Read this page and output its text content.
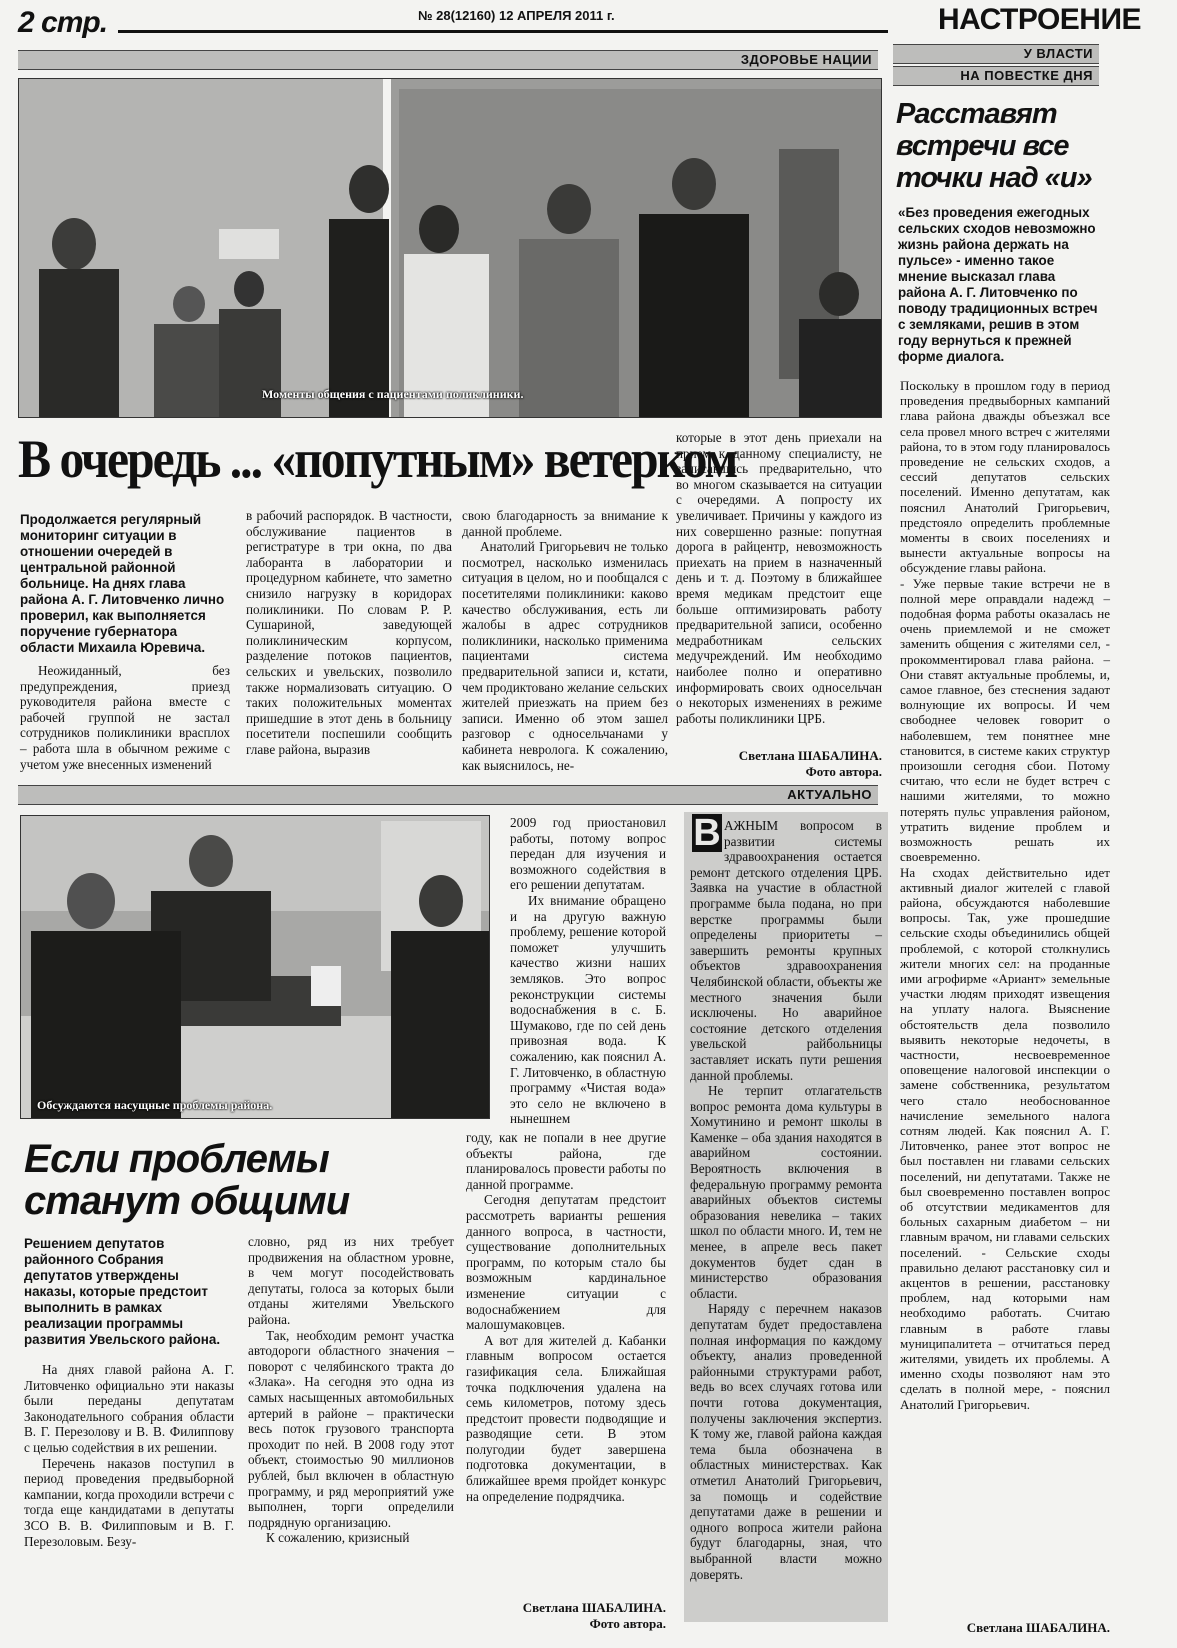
2 стр.	№ 28(12160) 12 АПРЕЛЯ 2011 г.	НАСТРОЕНИЕ
ЗДОРОВЬЕ НАЦИИ
Моменты общения с пациентами поликлиники.
В очередь ... «попутным» ветерком
Продолжается регулярный мониторинг ситуации в отношении очередей в центральной районной больнице. На днях глава района А. Г. Литовченко лично проверил, как выполняется поручение губернатора области Михаила Юревича.

Неожиданный, без предупреждения, приезд руководителя района вместе с рабочей группой не застал сотрудников поликлиники врасплох – работа шла в обычном режиме с учетом уже внесенных изменений

в рабочий распорядок. В частности, обслуживание пациентов в регистратуре в три окна, по два лаборанта в лаборатории и процедурном кабинете, что заметно снизило нагрузку в коридорах поликлиники. По словам Р. Р. Сушариной, заведующей поликлиническим корпусом, разделение потоков пациентов, сельских и увельских, позволило также нормализовать ситуацию. О таких положительных моментах пришедшие в этот день в больницу посетители поспешили сообщить главе района, выразив

свою благодарность за внимание к данной проблеме.

Анатолий Григорьевич не только посмотрел, насколько изменилась ситуация в целом, но и пообщался с посетителями поликлиники: каково качество обслуживания, есть ли жалобы в адрес сотрудников поликлиники, насколько применима пациентами система предварительной записи и, кстати, чем продиктовано желание сельских жителей приезжать на прием без записи. Именно об этом зашел разговор с односельчанами у кабинета невролога. К сожалению, как выяснилось, не-

которые в этот день приехали на прием к данному специалисту, не записавшись предварительно, что во многом сказывается на ситуации с очередями. А попросту их увеличивает. Причины у каждого из них совершенно разные: попутная дорога в райцентр, невозможность приехать на прием в назначенный день и т. д. Поэтому в ближайшее время медикам предстоит еще больше оптимизировать работу предварительной записи, особенно медработникам сельских медучреждений. Им необходимо наиболее полно и оперативно информировать своих односельчан о некоторых изменениях в режиме работы поликлиники ЦРБ.

Светлана ШАБАЛИНА.
Фото автора.
У ВЛАСТИ
НА ПОВЕСТКЕ ДНЯ
Расставят встречи все точки над «и»
«Без проведения ежегодных сельских сходов невозможно жизнь района держать на пульсе» - именно такое мнение высказал глава района А. Г. Литовченко по поводу традиционных встреч с земляками, решив в этом году вернуться к прежней форме диалога.

Поскольку в прошлом году в период проведения предвыборных кампаний глава района дважды объезжал все села провел много встреч с жителями района, то в этом году планировалось проведение не сельских сходов, а сессий депутатов сельских поселений. Именно депутатам, как пояснил Анатолий Григорьевич, предстояло определить проблемные моменты в своих поселениях и вынести актуальные вопросы на обсуждение главы района.

- Уже первые такие встречи не в полной мере оправдали надежд – подобная форма работы оказалась не очень приемлемой и не сможет заменить общения с жителями сел, - прокомментировал глава района. – Они ставят актуальные проблемы, и, самое главное, без стеснения задают волнующие их вопросы. И чем свободнее человек говорит о наболевшем, тем понятнее мне становится, в системе каких структур произошли сегодня сбои. Потому считаю, что если не будет встреч с нашими жителями, то можно потерять пульс управления районом, утратить видение проблем и возможность решать их своевременно.

На сходах действительно идет активный диалог жителей с главой района, обсуждаются наболевшие вопросы. Так, уже прошедшие сельские сходы объединились общей проблемой, с которой столкнулись жители многих сел: на проданные ими агрофирме «Ариант» земельные участки людям приходят извещения на уплату налога. Выяснение обстоятельств дела позволило выявить некоторые недочеты, в частности, несвоевременное оповещение налоговой инспекции о замене собственника, результатом чего стало необоснованное начисление земельного налога сотням людей. Как пояснил А. Г. Литовченко, ранее этот вопрос не был поставлен ни главами сельских поселений, ни депутатами. Также не был своевременно поставлен вопрос об отсутствии медикаментов для больных сахарным диабетом – ни главным врачом, ни главами сельских поселений. - Сельские сходы правильно делают расстановку сил и акцентов в решении, расстановку проблем, над которыми нам необходимо работать. Считаю главным в работе главы муниципалитета – отчитаться перед жителями, увидеть их проблемы. А именно сходы позволяют нам это сделать в полной мере, - пояснил Анатолий Григорьевич.

Светлана ШАБАЛИНА.
АКТУАЛЬНО
Обсуждаются насущные проблемы района.
Если проблемы
станут общими
Решением депутатов районного Собрания депутатов утверждены наказы, которые предстоит выполнить в рамках реализации программы развития Увельского района.

На днях главой района А. Г. Литовченко официально эти наказы были переданы депутатам Законодательного собрания области В. Г. Перезолову и В. В. Филиппову с целью содействия в их решении.

Перечень наказов поступил в период проведения предвыборной кампании, когда проходили встречи с тогда еще кандидатами в депутаты ЗСО В. В. Филипповым и В. Г. Перезоловым. Безу-

словно, ряд из них требует продвижения на областном уровне, в чем могут посодействовать депутаты, голоса за которых были отданы жителями Увельского района.

Так, необходим ремонт участка автодороги областного значения – поворот с челябинского тракта до «Злака». На сегодня это одна из самых насыщенных автомобильных артерий в районе – практически весь поток грузового транспорта проходит по ней. В 2008 году этот объект, стоимостью 90 миллионов рублей, был включен в областную программу, и ряд мероприятий уже выполнен, торги определили подрядную организацию.

К сожалению, кризисный

2009 год приостановил работы, потому вопрос передан для изучения и возможного содействия в его решении депутатам.

Их внимание обращено и на другую важную проблему, решение которой поможет улучшить качество жизни наших земляков. Это вопрос реконструкции системы водоснабжения в с. Б. Шумаково, где по сей день привозная вода. К сожалению, как пояснил А. Г. Литовченко, в областную программу «Чистая вода» это село не включено в нынешнем

году, как не попали в нее другие объекты района, где планировалось провести работы по данной программе.

Сегодня депутатам предстоит рассмотреть варианты решения данного вопроса, в частности, существование дополнительных программ, по которым стало бы возможным кардинальное изменение ситуации с водоснабжением для малошумаковцев.

А вот для жителей д. Кабанки главным вопросом остается газификация села. Ближайшая точка подключения удалена на семь километров, потому здесь предстоит провести подводящие и разводящие сети. В этом полугодии будет завершена подготовка документации, в ближайшее время пройдет конкурс на определение подрядчика.

Светлана ШАБАЛИНА.
Фото автора.
В АЖНЫМ вопросом в развитии системы здравоохранения остается ремонт детского отделения ЦРБ. Заявка на участие в областной программе была подана, но при верстке программы были определены приоритеты – завершить ремонты крупных объектов здравоохранения Челябинской области, объекты же местного значения были исключены. Но аварийное состояние детского отделения увельской райбольницы заставляет искать пути решения данной проблемы.

Не терпит отлагательств вопрос ремонта дома культуры в Хомутинино и ремонт школы в Каменке – оба здания находятся в аварийном состоянии. Вероятность включения в федеральную программу ремонта аварийных объектов системы образования невелика – таких школ по области много. И, тем не менее, в апреле весь пакет документов будет сдан в министерство образования области.

Наряду с перечнем наказов депутатам будет предоставлена полная информация по каждому объекту, анализ проведенной районными структурами работ, ведь во всех случаях готова или почти готова документация, получены заключения экспертиз. К тому же, главой района каждая тема была обозначена в областных министерствах. Как отметил Анатолий Григорьевич, за помощь и содействие депутатами даже в решении и одного вопроса жители района будут благодарны, зная, что выбранной власти можно доверять.
